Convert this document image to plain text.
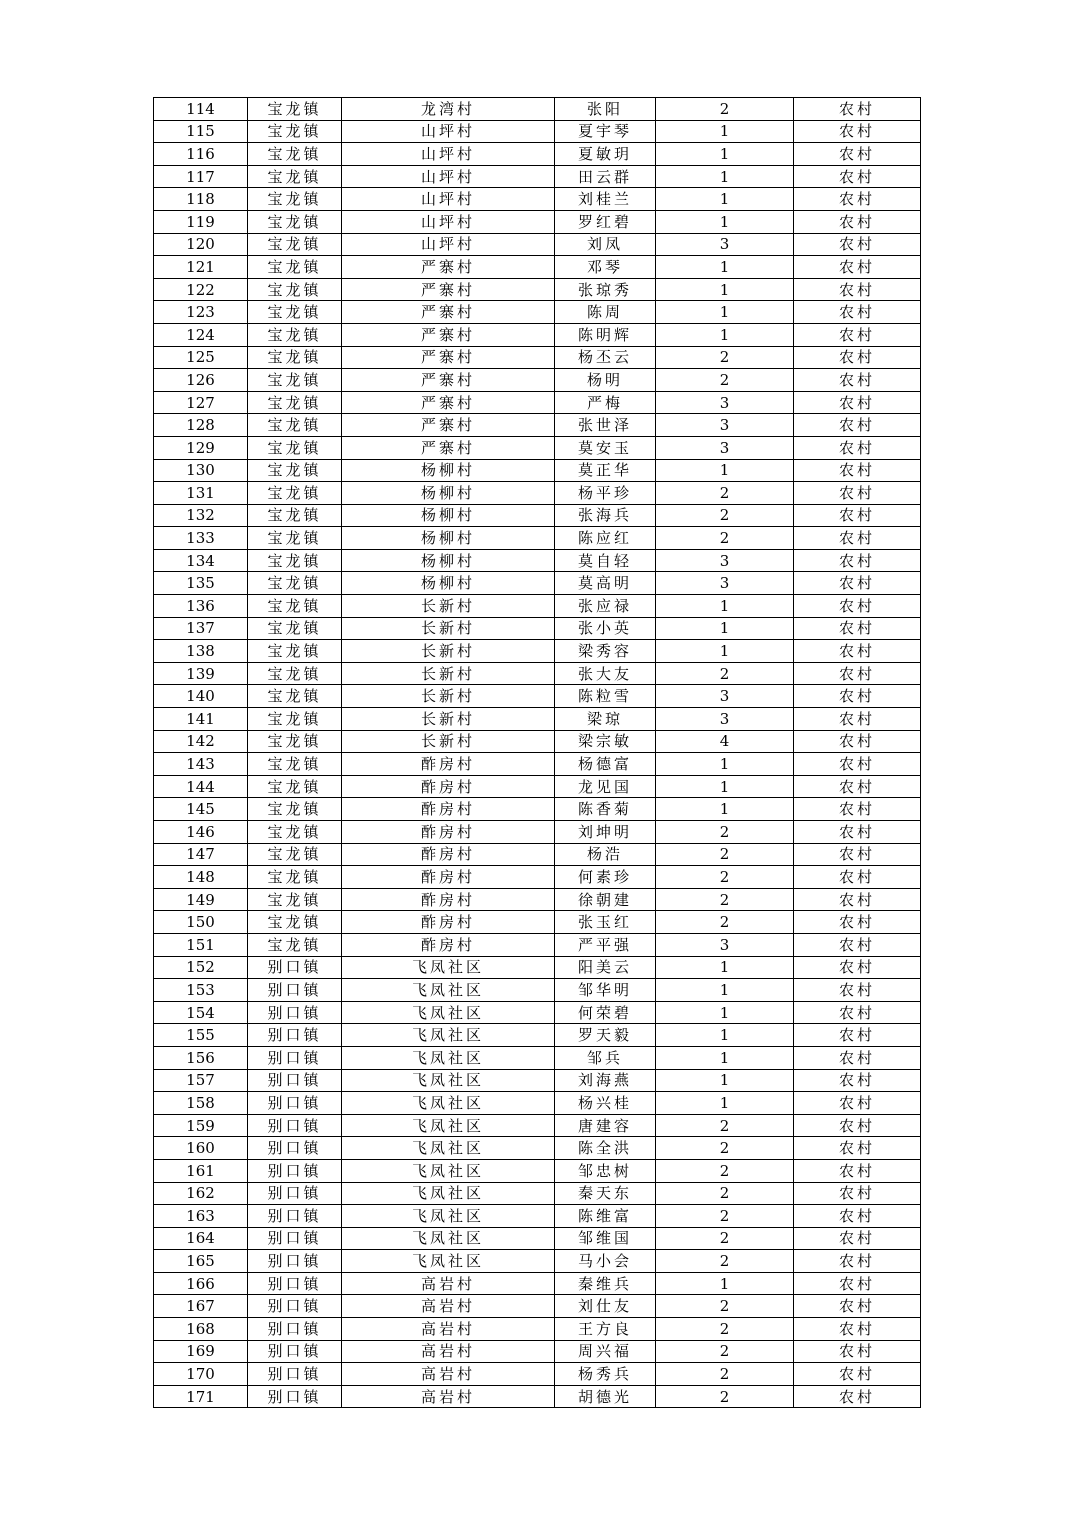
114	宝龙镇	龙湾村	张阳	2	农村
115	宝龙镇	山坪村	夏宇琴	1	农村
116	宝龙镇	山坪村	夏敏玥	1	农村
117	宝龙镇	山坪村	田云群	1	农村
118	宝龙镇	山坪村	刘桂兰	1	农村
119	宝龙镇	山坪村	罗红碧	1	农村
120	宝龙镇	山坪村	刘凤	3	农村
121	宝龙镇	严寨村	邓琴	1	农村
122	宝龙镇	严寨村	张琼秀	1	农村
123	宝龙镇	严寨村	陈周	1	农村
124	宝龙镇	严寨村	陈明辉	1	农村
125	宝龙镇	严寨村	杨丕云	2	农村
126	宝龙镇	严寨村	杨明	2	农村
127	宝龙镇	严寨村	严梅	3	农村
128	宝龙镇	严寨村	张世泽	3	农村
129	宝龙镇	严寨村	莫安玉	3	农村
130	宝龙镇	杨柳村	莫正华	1	农村
131	宝龙镇	杨柳村	杨平珍	2	农村
132	宝龙镇	杨柳村	张海兵	2	农村
133	宝龙镇	杨柳村	陈应红	2	农村
134	宝龙镇	杨柳村	莫自轻	3	农村
135	宝龙镇	杨柳村	莫高明	3	农村
136	宝龙镇	长新村	张应禄	1	农村
137	宝龙镇	长新村	张小英	1	农村
138	宝龙镇	长新村	梁秀容	1	农村
139	宝龙镇	长新村	张大友	2	农村
140	宝龙镇	长新村	陈粒雪	3	农村
141	宝龙镇	长新村	梁琼	3	农村
142	宝龙镇	长新村	梁宗敏	4	农村
143	宝龙镇	酢房村	杨德富	1	农村
144	宝龙镇	酢房村	龙见国	1	农村
145	宝龙镇	酢房村	陈香菊	1	农村
146	宝龙镇	酢房村	刘坤明	2	农村
147	宝龙镇	酢房村	杨浩	2	农村
148	宝龙镇	酢房村	何素珍	2	农村
149	宝龙镇	酢房村	徐朝建	2	农村
150	宝龙镇	酢房村	张玉红	2	农村
151	宝龙镇	酢房村	严平强	3	农村
152	别口镇	飞凤社区	阳美云	1	农村
153	别口镇	飞凤社区	邹华明	1	农村
154	别口镇	飞凤社区	何荣碧	1	农村
155	别口镇	飞凤社区	罗天毅	1	农村
156	别口镇	飞凤社区	邹兵	1	农村
157	别口镇	飞凤社区	刘海燕	1	农村
158	别口镇	飞凤社区	杨兴桂	1	农村
159	别口镇	飞凤社区	唐建容	2	农村
160	别口镇	飞凤社区	陈全洪	2	农村
161	别口镇	飞凤社区	邹忠树	2	农村
162	别口镇	飞凤社区	秦天东	2	农村
163	别口镇	飞凤社区	陈维富	2	农村
164	别口镇	飞凤社区	邹维国	2	农村
165	别口镇	飞凤社区	马小会	2	农村
166	别口镇	高岩村	秦维兵	1	农村
167	别口镇	高岩村	刘仕友	2	农村
168	别口镇	高岩村	王方良	2	农村
169	别口镇	高岩村	周兴福	2	农村
170	别口镇	高岩村	杨秀兵	2	农村
171	别口镇	高岩村	胡德光	2	农村
